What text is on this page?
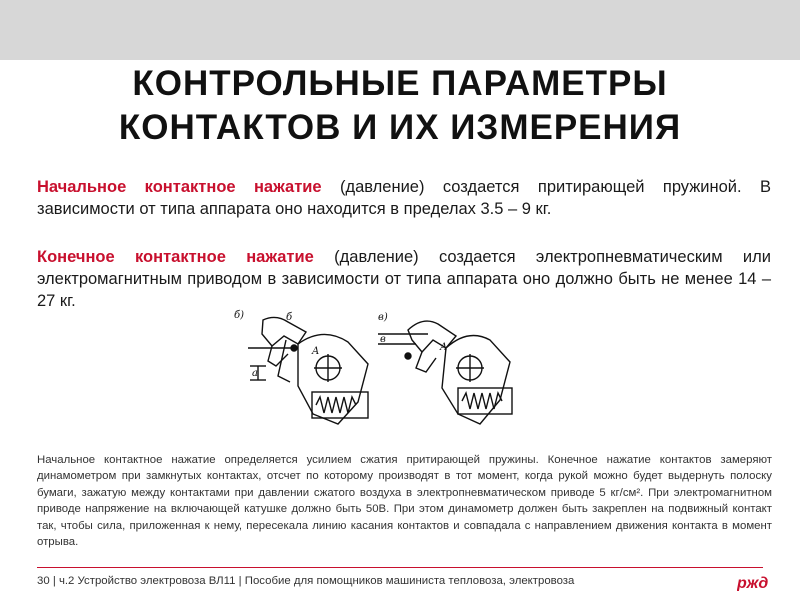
КОНТРОЛЬНЫЕ ПАРАМЕТРЫ
КОНТАКТОВ И ИХ ИЗМЕРЕНИЯ
Начальное контактное нажатие (давление) создается притирающей пружиной. В зависимости от типа аппарата оно находится в пределах 3.5 – 9 кг.
Конечное контактное нажатие (давление) создается электропневматическим или электромагнитным приводом в зависимости от типа аппарата оно должно быть не менее 14 – 27 кг.
б)	б
A
а
в)
в
A
Начальное контактное нажатие определяется усилием сжатия притирающей пружины. Конечное нажатие контактов замеряют динамометром при замкнутых контактах, отсчет по которому производят в тот момент, когда рукой можно будет выдернуть полоску бумаги, зажатую между контактами при давлении сжатого воздуха в электропневматическом приводе 5 кг/см². При электромагнитном приводе напряжение на включающей катушке должно быть 50В. При этом динамометр должен быть закреплен на подвижный контакт так, чтобы сила, приложенная к нему, пересекала линию касания контактов и совпадала с направлением движения контакта в момент отрыва.
30 | ч.2 Устройство электровоза ВЛ11 | Пособие для помощников машиниста тепловоза, электровоза	ржд
